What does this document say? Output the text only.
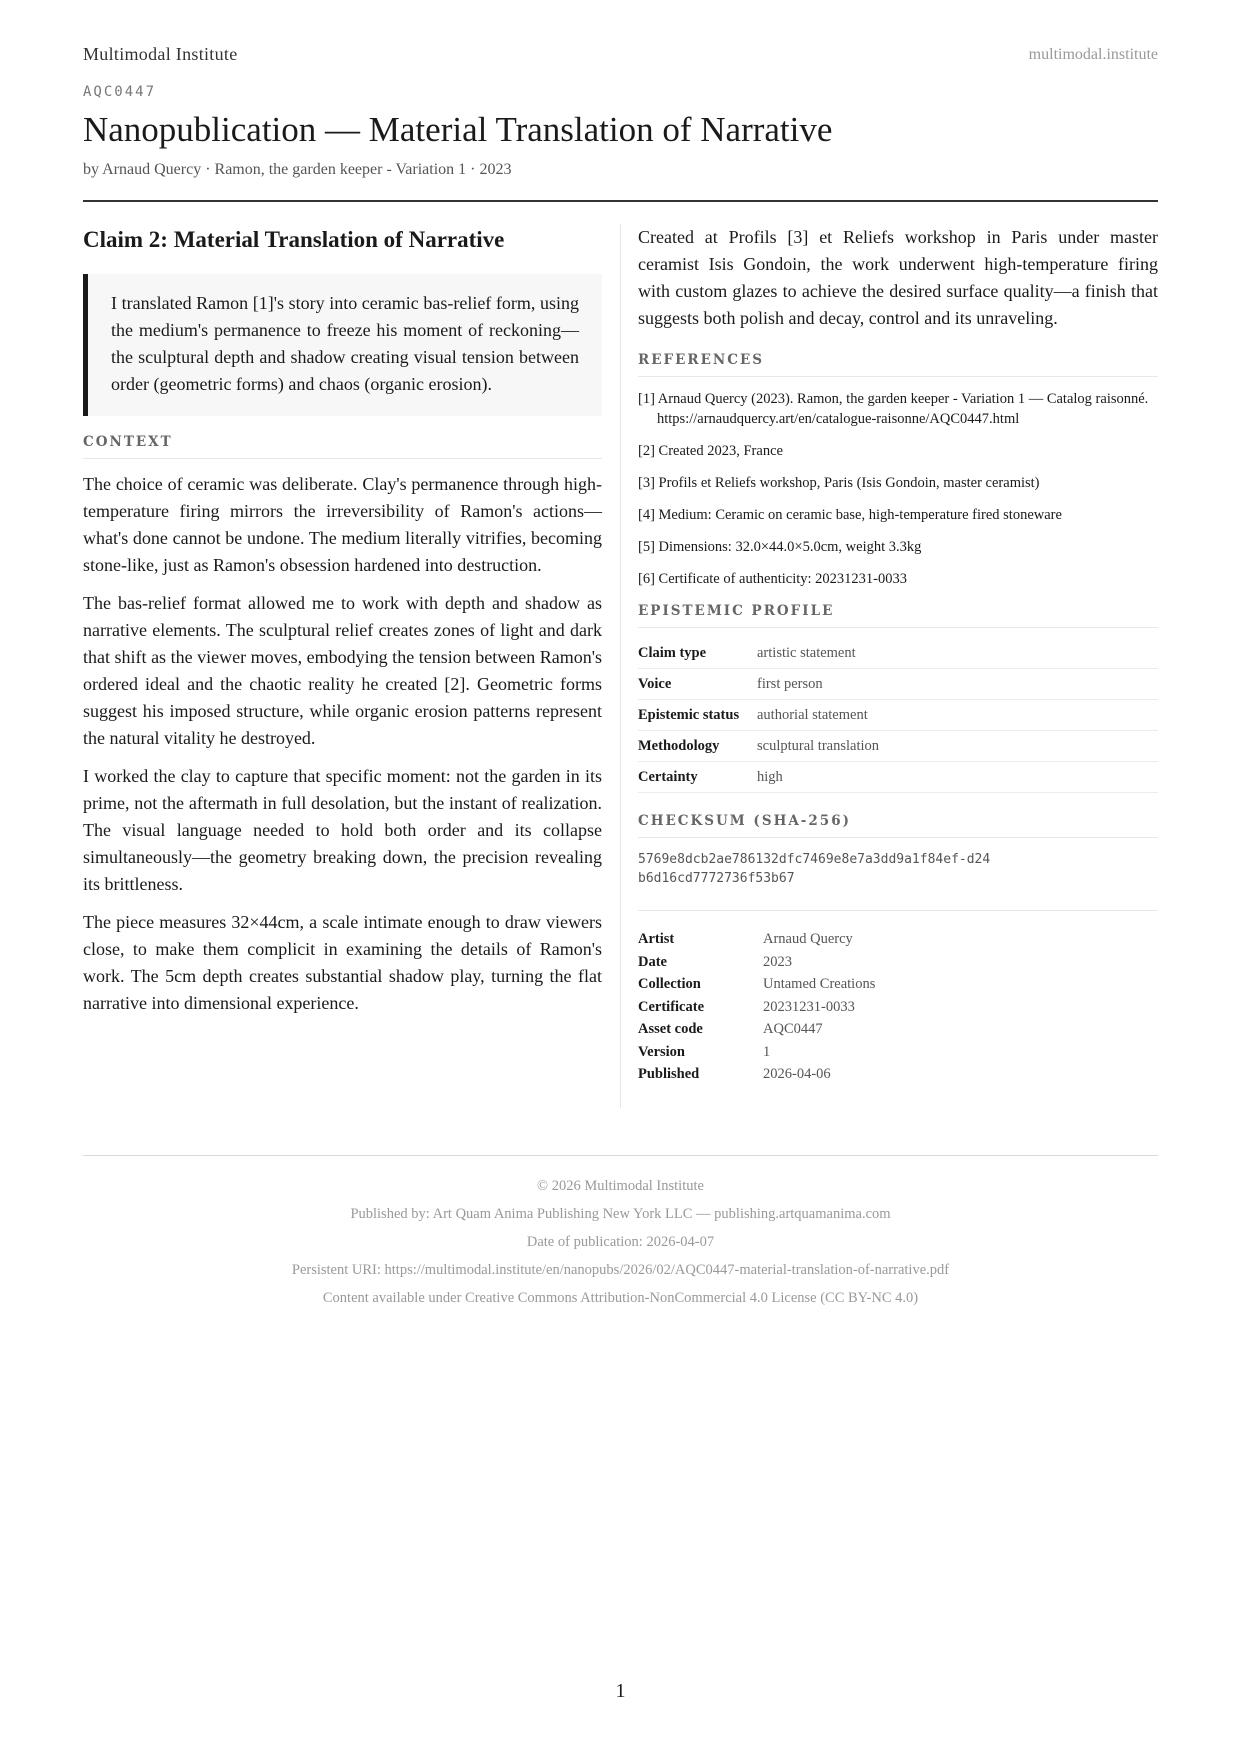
Multimodal Institute	multimodal.institute
AQC0447
Nanopublication — Material Translation of Narrative
by Arnaud Quercy · Ramon, the garden keeper - Variation 1 · 2023
Claim 2: Material Translation of Narrative
I translated Ramon [1]'s story into ceramic bas-relief form, using the medium's permanence to freeze his moment of reckoning—the sculptural depth and shadow creating visual tension between order (geometric forms) and chaos (organic erosion).
CONTEXT

The choice of ceramic was deliberate. Clay's permanence through high-temperature firing mirrors the irreversibility of Ramon's actions—what's done cannot be undone. The medium literally vitrifies, becoming stone-like, just as Ramon's obsession hardened into destruction.

The bas-relief format allowed me to work with depth and shadow as narrative elements. The sculptural relief creates zones of light and dark that shift as the viewer moves, embodying the tension between Ramon's ordered ideal and the chaotic reality he created [2]. Geometric forms suggest his imposed structure, while organic erosion patterns represent the natural vitality he destroyed.

I worked the clay to capture that specific moment: not the garden in its prime, not the aftermath in full desolation, but the instant of realization. The visual language needed to hold both order and its collapse simultaneously—the geometry breaking down, the precision revealing its brittleness.

The piece measures 32×44cm, a scale intimate enough to draw viewers close, to make them complicit in examining the details of Ramon's work. The 5cm depth creates substantial shadow play, turning the flat narrative into dimensional experience.

Created at Profils [3] et Reliefs workshop in Paris under master ceramist Isis Gondoin, the work underwent high-temperature firing with custom glazes to achieve the desired surface quality—a finish that suggests both polish and decay, control and its unraveling.

REFERENCES
[1] Arnaud Quercy (2023). Ramon, the garden keeper - Variation 1 — Catalog raisonné. https://arnaudquercy.art/en/catalogue-raisonne/AQC0447.html
[2] Created 2023, France
[3] Profils et Reliefs workshop, Paris (Isis Gondoin, master ceramist)
[4] Medium: Ceramic on ceramic base, high-temperature fired stoneware
[5] Dimensions: 32.0×44.0×5.0cm, weight 3.3kg
[6] Certificate of authenticity: 20231231-0033
EPISTEMIC PROFILE
Claim type	artistic statement
Voice	first person
Epistemic status	authorial statement
Methodology	sculptural translation
Certainty	high
CHECKSUM (SHA-256)
5769e8dcb2ae786132dfc7469e8e7a3dd9a1f84ef-d24b6d16cd7772736f53b67
Artist	Arnaud Quercy
Date	2023
Collection	Untamed Creations
Certificate	20231231-0033
Asset code	AQC0447
Version	1
Published	2026-04-06
© 2026 Multimodal Institute
Published by: Art Quam Anima Publishing New York LLC — publishing.artquamanima.com
Date of publication: 2026-04-07
Persistent URI: https://multimodal.institute/en/nanopubs/2026/02/AQC0447-material-translation-of-narrative.pdf
Content available under Creative Commons Attribution-NonCommercial 4.0 License (CC BY-NC 4.0)
1
